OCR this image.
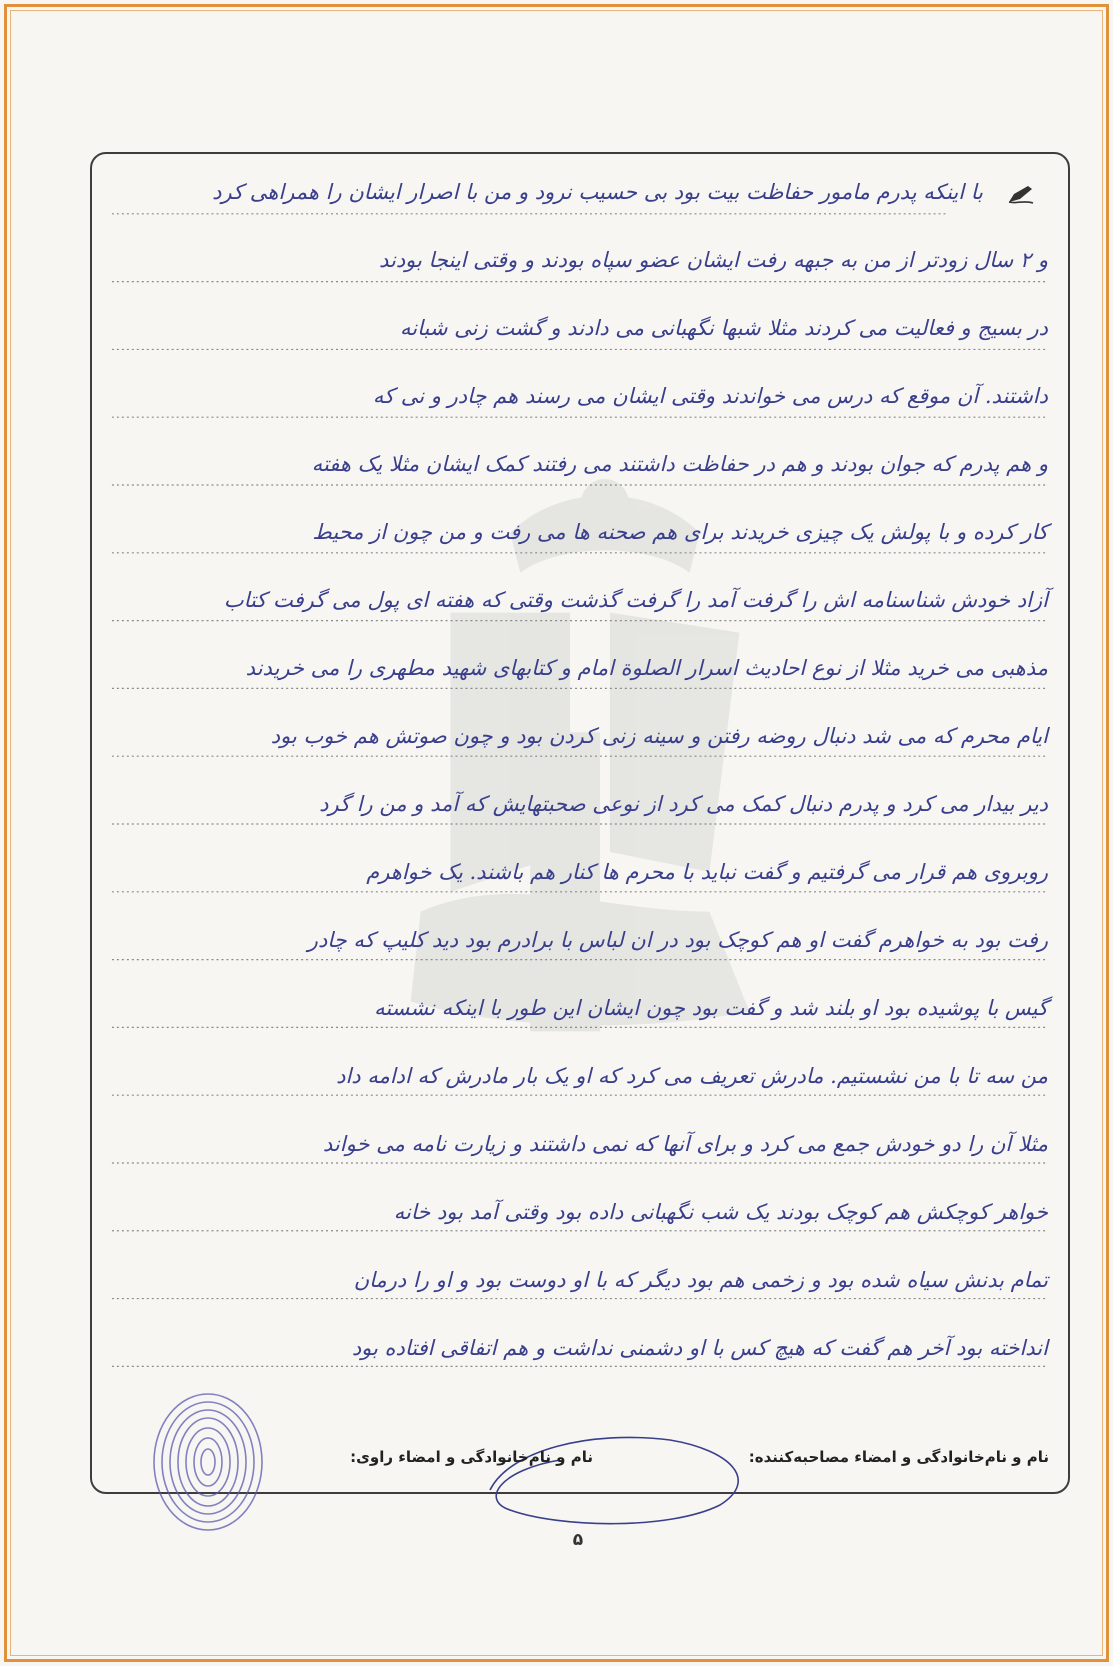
با اینکه پدرم مامور حفاظت بیت بود بی حسیب نرود و من با اصرار ایشان را همراهی کرد
و ۲ سال زودتر از من به جبهه رفت ایشان عضو سپاه بودند و وقتی اینجا بودند
در بسیج و فعالیت می کردند مثلا شبها نگهبانی می دادند و گشت زنی شبانه
داشتند. آن موقع که درس می خواندند وقتی ایشان می رسند هم چادر و نی که
و هم پدرم که جوان بودند و هم در حفاظت داشتند می رفتند کمک ایشان مثلا یک هفته
کار کرده و با پولش یک چیزی خریدند برای هم صحنه ها می رفت و من چون از محیط
آزاد خودش شناسنامه اش را گرفت آمد را گرفت گذشت وقتی که هفته ای پول می گرفت کتاب
مذهبی می خرید مثلا از نوع احادیث اسرار الصلوة امام و کتابهای شهید مطهری را می خریدند
ایام محرم که می شد دنبال روضه رفتن و سینه زنی کردن بود و چون صوتش هم خوب بود
دیر بیدار می کرد و پدرم دنبال کمک می کرد از نوعی صحبتهایش که آمد و من را گرد
روبروی هم قرار می گرفتیم و گفت نباید با محرم ها کنار هم باشند. یک خواهرم
رفت بود به خواهرم گفت او هم کوچک بود در ان لباس با برادرم بود دید کلیپ که چادر
گیس با پوشیده بود او بلند شد و گفت بود چون ایشان این طور با اینکه نشسته
من سه تا با من نشستیم. مادرش تعریف می کرد که او یک بار مادرش که ادامه داد
مثلا آن را دو خودش جمع می کرد و برای آنها که نمی داشتند و زیارت نامه می خواند
خواهر کوچکش هم کوچک بودند یک شب نگهبانی داده بود وقتی آمد بود خانه
تمام بدنش سیاه شده بود و زخمی هم بود دیگر که با او دوست بود و او را درمان
انداخته بود آخر هم گفت که هیچ کس با او دشمنی نداشت و هم اتفاقی افتاده بود
نام و نام‌خانوادگی و امضاء مصاحبه‌کننده:
نام و نام‌خانوادگی و امضاء راوی:
۵
